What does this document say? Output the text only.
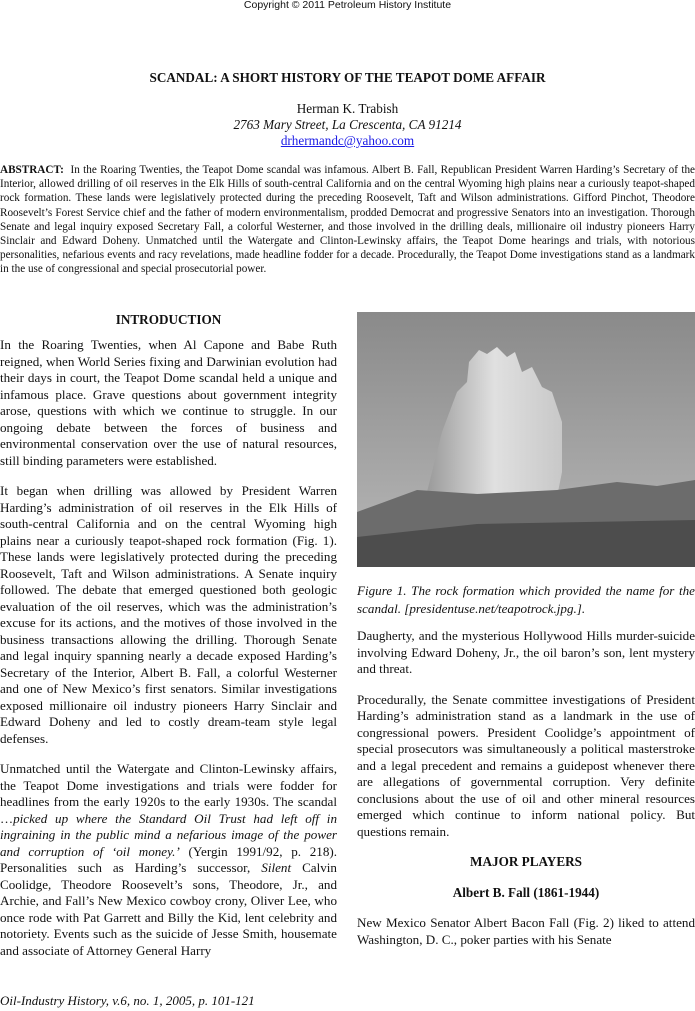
Copyright © 2011 Petroleum History Institute
SCANDAL: A SHORT HISTORY OF THE TEAPOT DOME AFFAIR
Herman K. Trabish
2763 Mary Street, La Crescenta, CA 91214
drhermandc@yahoo.com
ABSTRACT: In the Roaring Twenties, the Teapot Dome scandal was infamous. Albert B. Fall, Republican President Warren Harding’s Secretary of the Interior, allowed drilling of oil reserves in the Elk Hills of south-central California and on the central Wyoming high plains near a curiously teapot-shaped rock formation. These lands were legislatively protected during the preceding Roosevelt, Taft and Wilson administrations. Gifford Pinchot, Theodore Roosevelt’s Forest Service chief and the father of modern environmentalism, prodded Democrat and progressive Senators into an investigation. Thorough Senate and legal inquiry exposed Secretary Fall, a colorful Westerner, and those involved in the drilling deals, millionaire oil industry pioneers Harry Sinclair and Edward Doheny. Unmatched until the Watergate and Clinton-Lewinsky affairs, the Teapot Dome hearings and trials, with notorious personalities, nefarious events and racy revelations, made headline fodder for a decade. Procedurally, the Teapot Dome investigations stand as a landmark in the use of congressional and special prosecutorial power.
INTRODUCTION

In the Roaring Twenties, when Al Capone and Babe Ruth reigned, when World Series fixing and Darwinian evolution had their days in court, the Teapot Dome scandal held a unique and infamous place. Grave questions about government integrity arose, questions with which we continue to struggle. In our ongoing debate between the forces of business and environmental conservation over the use of natural resources, still binding parameters were established.

It began when drilling was allowed by President Warren Harding’s administration of oil reserves in the Elk Hills of south-central California and on the central Wyoming high plains near a curiously teapot-shaped rock formation (Fig. 1). These lands were legislatively protected during the preceding Roosevelt, Taft and Wilson administrations. A Senate inquiry followed. The debate that emerged questioned both geologic evaluation of the oil reserves, which was the administration’s excuse for its actions, and the motives of those involved in the business transactions allowing the drilling. Thorough Senate and legal inquiry spanning nearly a decade exposed Harding’s Secretary of the Interior, Albert B. Fall, a colorful Westerner and one of New Mexico’s first senators. Similar investigations exposed millionaire oil industry pioneers Harry Sinclair and Edward Doheny and led to costly dream-team style legal defenses.

Unmatched until the Watergate and Clinton-Lewinsky affairs, the Teapot Dome investigations and trials were fodder for headlines from the early 1920s to the early 1930s. The scandal …picked up where the Standard Oil Trust had left off in ingraining in the public mind a nefarious image of the power and corruption of ‘oil money.’ (Yergin 1991/92, p. 218). Personalities such as Harding’s successor, Silent Calvin Coolidge, Theodore Roosevelt’s sons, Theodore, Jr., and Archie, and Fall’s New Mexico cowboy crony, Oliver Lee, who once rode with Pat Garrett and Billy the Kid, lent celebrity and notoriety. Events such as the suicide of Jesse Smith, housemate and associate of Attorney General Harry

Figure 1. The rock formation which provided the name for the scandal. [presidentuse.net/teapotrock.jpg.].

Daugherty, and the mysterious Hollywood Hills murder-suicide involving Edward Doheny, Jr., the oil baron’s son, lent mystery and threat.

Procedurally, the Senate committee investigations of President Harding’s administration stand as a landmark in the use of congressional powers. President Coolidge’s appointment of special prosecutors was simultaneously a political masterstroke and a legal precedent and remains a guidepost whenever there are allegations of governmental corruption. Very definite conclusions about the use of oil and other mineral resources emerged which continue to inform national policy. But questions remain.

MAJOR PLAYERS
Albert B. Fall (1861-1944)

New Mexico Senator Albert Bacon Fall (Fig. 2) liked to attend Washington, D. C., poker parties with his Senate

Oil-Industry History, v.6, no. 1, 2005, p. 101-121
